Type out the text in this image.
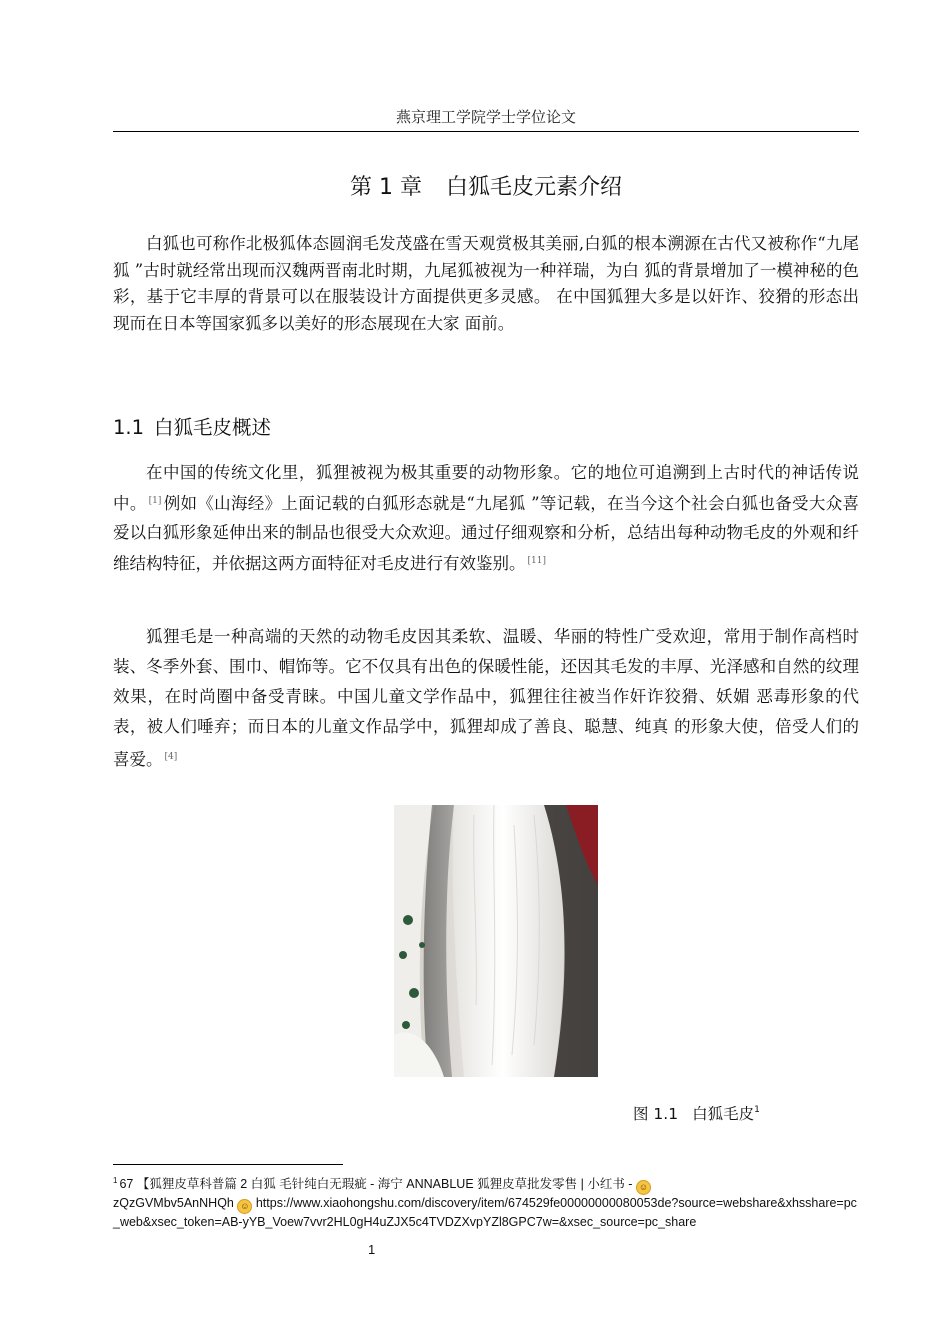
燕京理工学院学士学位论文
第 1 章 白狐毛皮元素介绍

白狐也可称作北极狐体态圆润毛发茂盛在雪天观赏极其美丽,白狐的根本溯源在古代又被称作“九尾狐 ”古时就经常出现而汉魏两晋南北时期，九尾狐被视为一种祥瑞，为白 狐的背景增加了一模神秘的色彩，基于它丰厚的背景可以在服装设计方面提供更多灵感。 在中国狐狸大多是以奸诈、狡猾的形态出现而在日本等国家狐多以美好的形态展现在大家 面前。

1.1 白狐毛皮概述

在中国的传统文化里，狐狸被视为极其重要的动物形象。它的地位可追溯到上古时代的神话传说中。 [1] 例如《山海经》上面记载的白狐形态就是“九尾狐 ”等记载，在当今这个社会白狐也备受大众喜爱以白狐形象延伸出来的制品也很受大众欢迎。通过仔细观察和分析，总结出每种动物毛皮的外观和纤维结构特征，并依据这两方面特征对毛皮进行有效鉴别。 [11]

狐狸毛是一种高端的天然的动物毛皮因其柔软、温暖、华丽的特性广受欢迎，常用于制作高档时装、冬季外套、围巾、帽饰等。它不仅具有出色的保暖性能，还因其毛发的丰厚、光泽感和自然的纹理效果，在时尚圈中备受青睐。中国儿童文学作品中，狐狸往往被当作奸诈狡猾、妖媚 恶毒形象的代表，被人们唾弃；而日本的儿童文作品学中，狐狸却成了善良、聪慧、纯真 的形象大使，倍受人们的喜爱。 [4]

图 1.1 白狐毛皮$^1$
$^1$ 67 【狐狸皮草科普篇 2 白狐 毛针纯白无瑕疵 - 海宁 ANNABLUE 狐狸皮草批发零售 | 小红书 - ☺
zQzGVMbv5AnNHQh ☺ https://www.xiaohongshu.com/discovery/item/674529fe00000000080053de?source=webshare&xhsshare=pc_web&xsec_token=AB-yYB_Voew7vvr2HL0gH4uZJX5c4TVDZXvpYZl8GPC7w=&xsec_source=pc_share
1
